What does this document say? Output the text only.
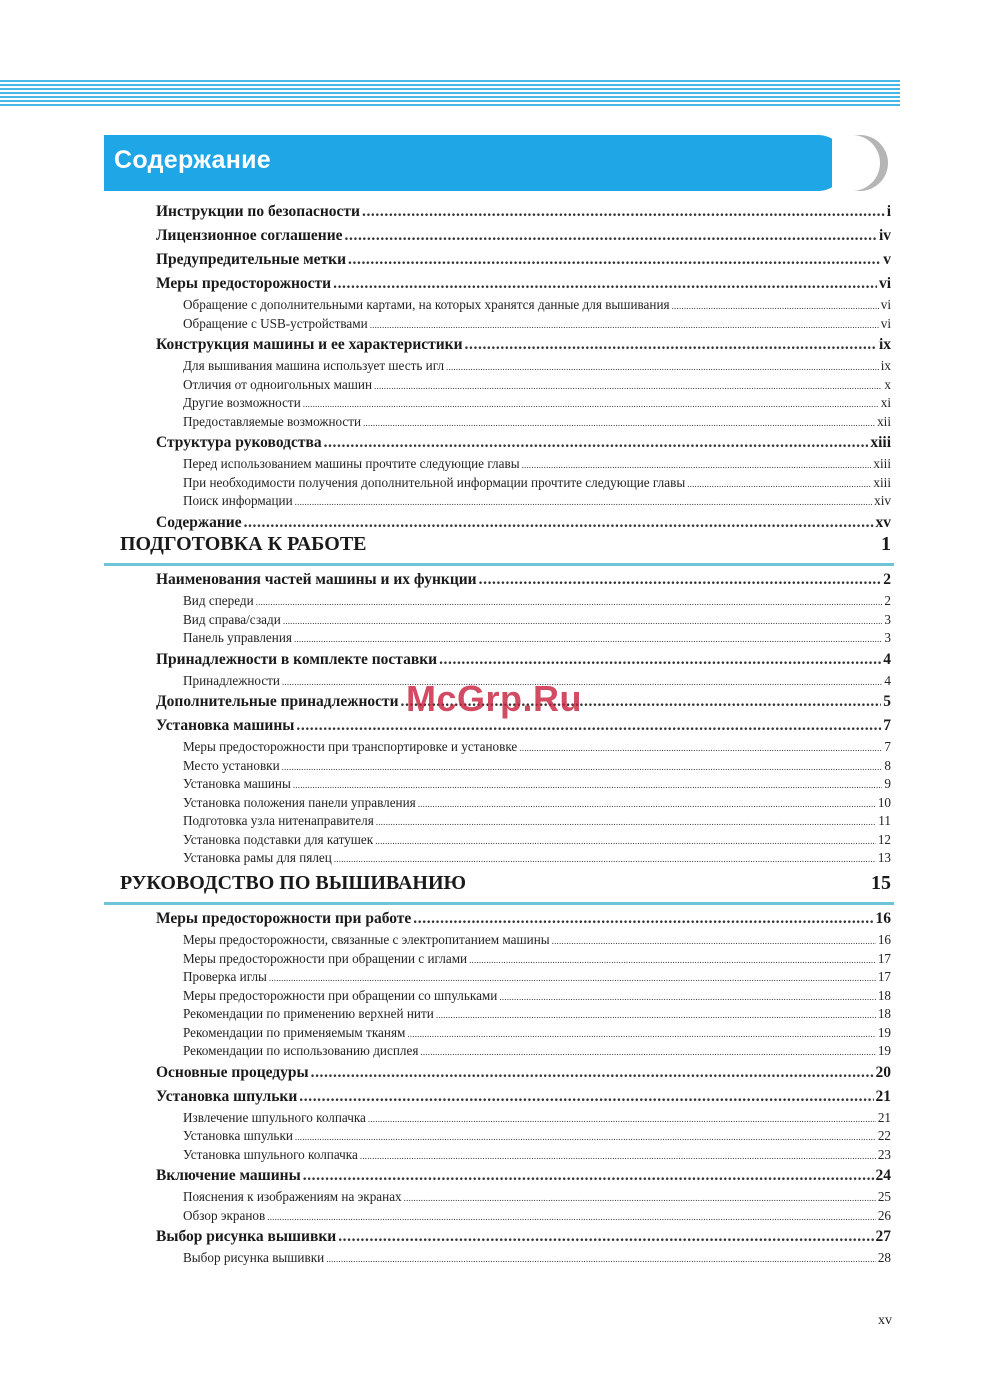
Содержание
Инструкции по безопасности .....	i
Лицензионное соглашение .....	iv
Предупредительные метки .....	v
Меры предосторожности .....	vi
Обращение с дополнительными картами, на которых хранятся данные для вышивания .....	vi
Обращение с USB-устройствами .....	vi
Конструкция машины и ее характеристики .....	ix
Для вышивания машина использует шесть игл .....	ix
Отличия от одноигольных машин .....	x
Другие возможности .....	xi
Предоставляемые возможности .....	xii
Структура руководства .....	xiii
Перед использованием машины прочтите следующие главы .....	xiii
При необходимости получения дополнительной информации прочтите следующие главы .....	xiii
Поиск информации .....	xiv
Содержание .....	xv
ПОДГОТОВКА К РАБОТЕ	1
Наименования частей машины и их функции .....	2
Вид спереди .....	2
Вид справа/сзади .....	3
Панель управления .....	3
Принадлежности в комплекте поставки .....	4
Принадлежности .....	4
Дополнительные принадлежности .....	5
Установка машины .....	7
Меры предосторожности при транспортировке и установке .....	7
Место установки .....	8
Установка машины .....	9
Установка положения панели управления .....	10
Подготовка узла нитенаправителя .....	11
Установка подставки для катушек .....	12
Установка рамы для пялец .....	13
РУКОВОДСТВО ПО ВЫШИВАНИЮ	15
Меры предосторожности при работе .....	16
Меры предосторожности, связанные с электропитанием машины .....	16
Меры предосторожности при обращении с иглами .....	17
Проверка иглы .....	17
Меры предосторожности при обращении со шпульками .....	18
Рекомендации по применению верхней нити .....	18
Рекомендации по применяемым тканям .....	19
Рекомендации по использованию дисплея .....	19
Основные процедуры .....	20
Установка шпульки .....	21
Извлечение шпульного колпачка .....	21
Установка шпульки .....	22
Установка шпульного колпачка .....	23
Включение машины .....	24
Пояснения к изображениям на экранах .....	25
Обзор экранов .....	26
Выбор рисунка вышивки .....	27
Выбор рисунка вышивки .....	28
McGrp.Ru
xv
